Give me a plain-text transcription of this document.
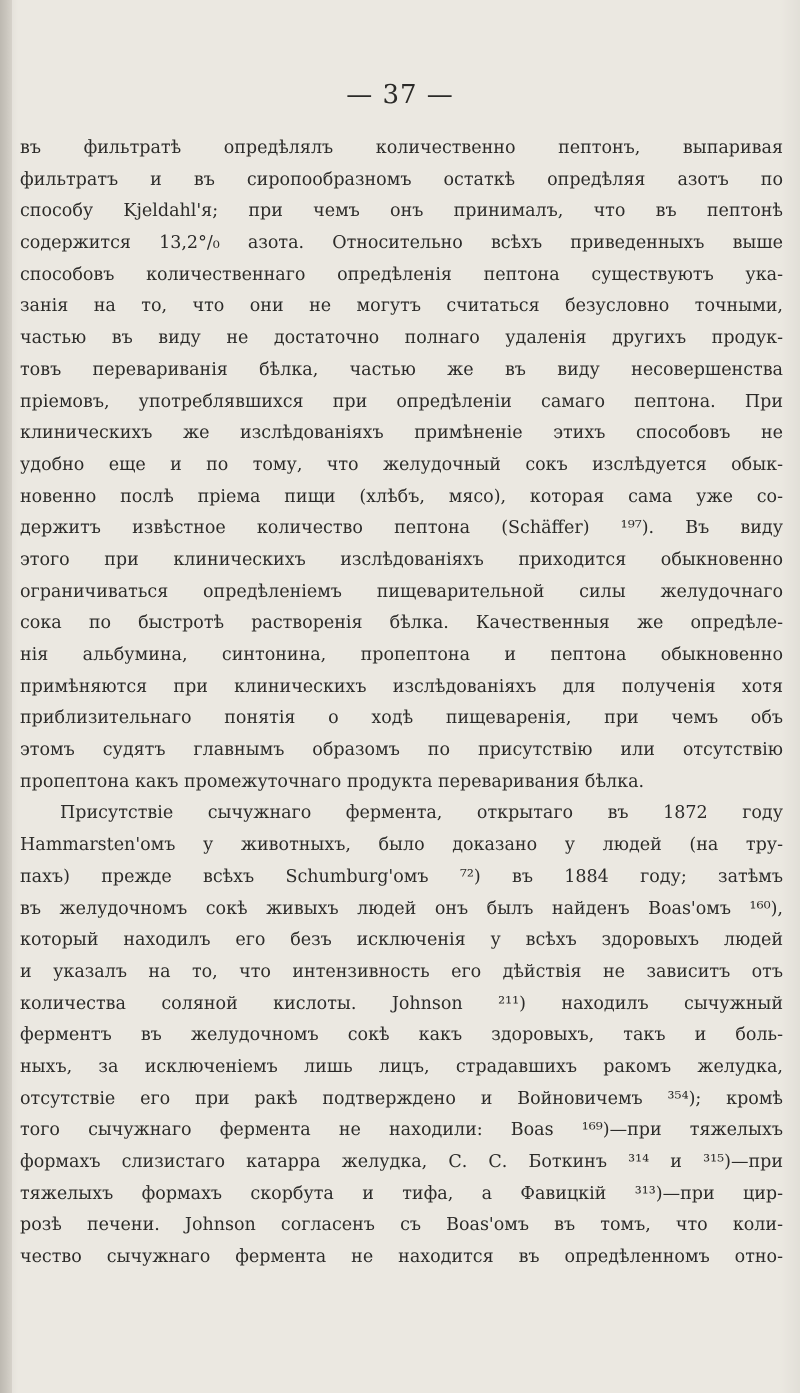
— 37 —

въ фильтратѣ опредѣлялъ количественно пептонъ, выпаривая
фильтратъ и въ сиропообразномъ остаткѣ опредѣляя азотъ по
способу Kjeldahl'я; при чемъ онъ принималъ, что въ пептонѣ
содержится 13,2°/₀ азота. Относительно всѣхъ приведенныхъ выше
способовъ количественнаго опредѣленія пептона существуютъ ука-
занія на то, что они не могутъ считаться безусловно точными,
частью въ виду не достаточно полнаго удаленія другихъ продук-
товъ перевариванія бѣлка, частью же въ виду несовершенства
пріемовъ, употреблявшихся при опредѣленіи самаго пептона. При
клиническихъ же изслѣдованіяхъ примѣненіе этихъ способовъ не
удобно еще и по тому, что желудочный сокъ изслѣдуется обык-
новенно послѣ пріема пищи (хлѣбъ, мясо), которая сама уже со-
держитъ извѣстное количество пептона (Schäffer) ¹⁹⁷). Въ виду
этого при клиническихъ изслѣдованіяхъ приходится обыкновенно
ограничиваться опредѣленіемъ пищеварительной силы желудочнаго
сока по быстротѣ растворенія бѣлка. Качественныя же опредѣле-
нія альбумина, синтонина, пропептона и пептона обыкновенно
примѣняются при клиническихъ изслѣдованіяхъ для полученія хотя
приблизительнаго понятія о ходѣ пищеваренія, при чемъ объ
этомъ судятъ главнымъ образомъ по присутствію или отсутствію
пропептона какъ промежуточнаго продукта переваривания бѣлка.
Присутствіе сычужнаго фермента, открытаго въ 1872 году
Hammarsten'омъ у животныхъ, было доказано у людей (на тру-
пахъ) прежде всѣхъ Schumburg'омъ ⁷²) въ 1884 году; затѣмъ
въ желудочномъ сокѣ живыхъ людей онъ былъ найденъ Boas'омъ ¹⁶⁰),
который находилъ его безъ исключенія у всѣхъ здоровыхъ людей
и указалъ на то, что интензивность его дѣйствія не зависитъ отъ
количества соляной кислоты. Johnson ²¹¹) находилъ сычужный
ферментъ въ желудочномъ сокѣ какъ здоровыхъ, такъ и боль-
ныхъ, за исключеніемъ лишь лицъ, страдавшихъ ракомъ желудка,
отсутствіе его при ракѣ подтверждено и Войновичемъ ³⁵⁴); кромѣ
того сычужнаго фермента не находили: Boas ¹⁶⁹)—при тяжелыхъ
формахъ слизистаго катарра желудка, С. С. Боткинъ ³¹⁴ и ³¹⁵)—при
тяжелыхъ формахъ скорбута и тифа, а Фавицкій ³¹³)—при цир-
розѣ печени. Johnson согласенъ съ Boas'омъ въ томъ, что коли-
чество сычужнаго фермента не находится въ опредѣленномъ отно-
